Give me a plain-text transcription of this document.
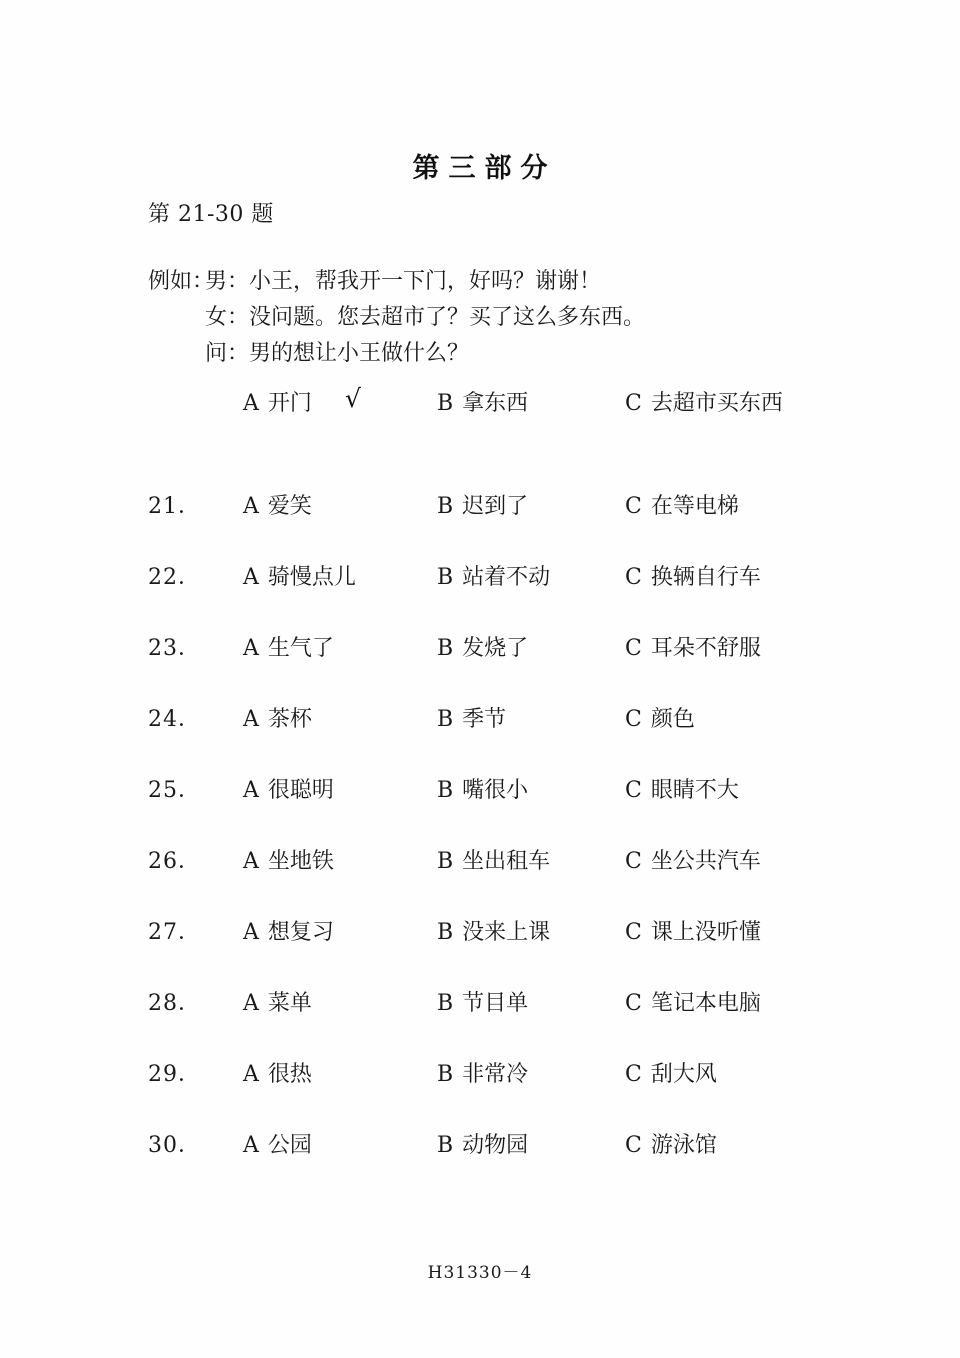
第三部分
第 21-30 题
例如：男：小王，帮我开一下门，好吗？谢谢！
女：没问题。您去超市了？买了这么多东西。
问：男的想让小王做什么？
A 开门 √	B 拿东西	C 去超市买东西
21． A 爱笑	B 迟到了	C 在等电梯
22． A 骑慢点儿	B 站着不动	C 换辆自行车
23． A 生气了	B 发烧了	C 耳朵不舒服
24． A 茶杯	B 季节	C 颜色
25． A 很聪明	B 嘴很小	C 眼睛不大
26． A 坐地铁	B 坐出租车	C 坐公共汽车
27． A 想复习	B 没来上课	C 课上没听懂
28． A 菜单	B 节目单	C 笔记本电脑
29． A 很热	B 非常冷	C 刮大风
30． A 公园	B 动物园	C 游泳馆
H31330－4
